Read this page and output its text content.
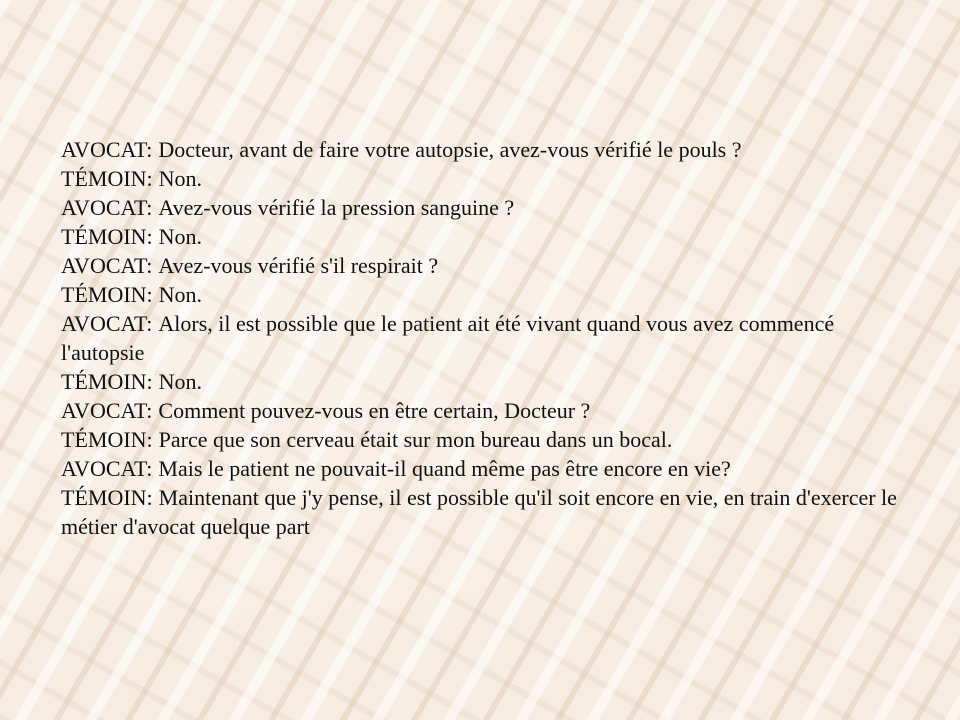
AVOCAT: Docteur, avant de faire votre autopsie, avez-vous vérifié le pouls ?
TÉMOIN: Non.
AVOCAT: Avez-vous vérifié la pression sanguine ?
TÉMOIN: Non.
AVOCAT: Avez-vous vérifié s'il respirait ?
TÉMOIN: Non.
AVOCAT: Alors, il est possible que le patient ait été vivant quand vous avez commencé l'autopsie
TÉMOIN: Non.
AVOCAT: Comment pouvez-vous en être certain, Docteur ?
TÉMOIN: Parce que son cerveau était sur mon bureau dans un bocal.
AVOCAT: Mais le patient ne pouvait-il quand même pas être encore en vie?
TÉMOIN: Maintenant que j'y pense, il est possible qu'il soit encore en vie, en train d'exercer le métier d'avocat quelque part
